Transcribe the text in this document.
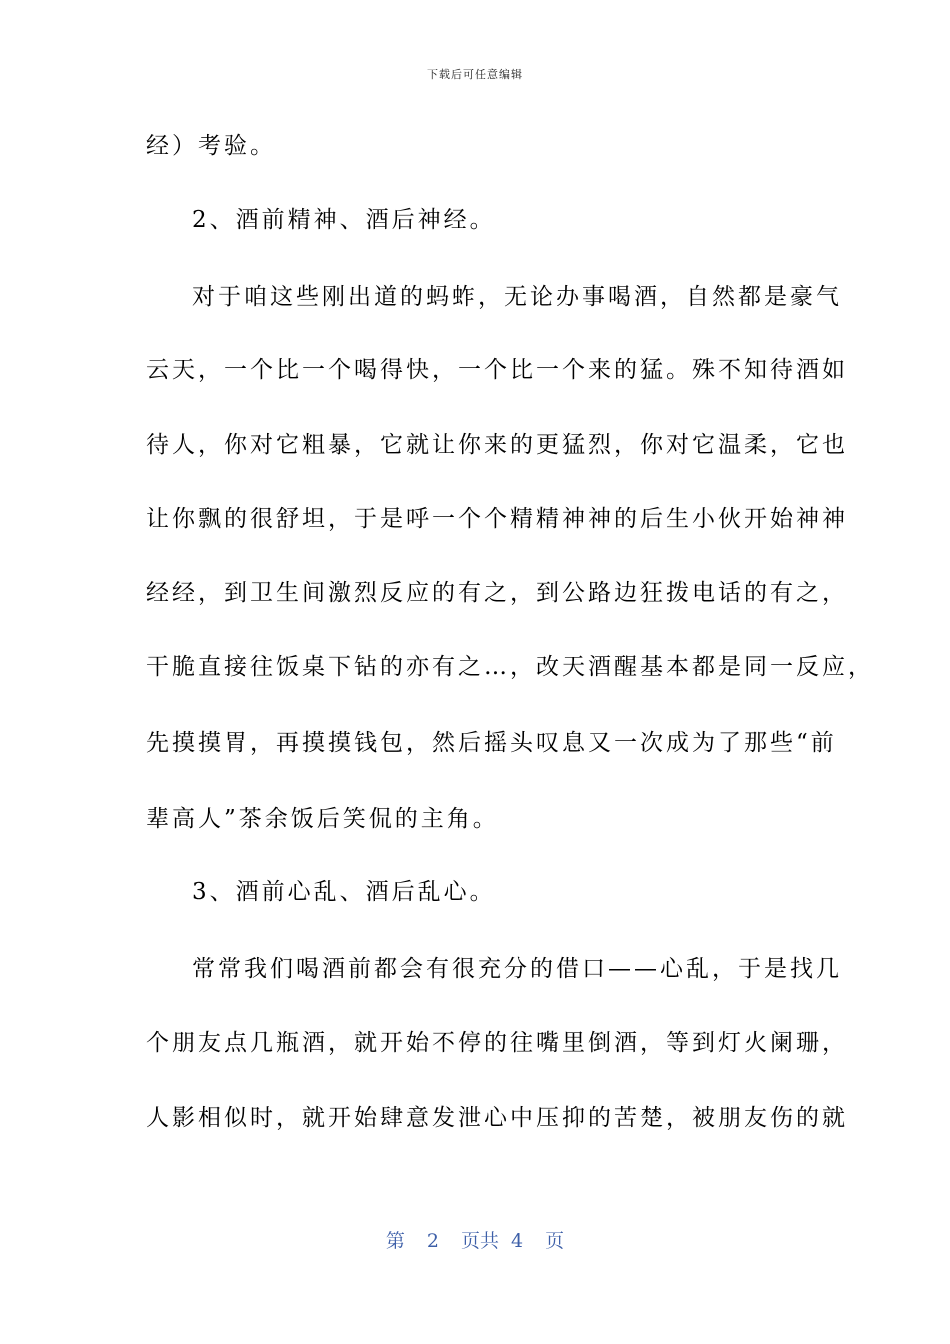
下载后可任意编辑
经）考验。
2、酒前精神、酒后神经。
对于咱这些刚出道的蚂蚱，无论办事喝酒，自然都是豪气
云天，一个比一个喝得快，一个比一个来的猛。殊不知待酒如
待人，你对它粗暴，它就让你来的更猛烈，你对它温柔，它也
让你飘的很舒坦，于是呼一个个精精神神的后生小伙开始神神
经经，到卫生间激烈反应的有之，到公路边狂拨电话的有之，
干脆直接往饭桌下钻的亦有之…，改天酒醒基本都是同一反应，
先摸摸胃，再摸摸钱包，然后摇头叹息又一次成为了那些“前
辈高人”茶余饭后笑侃的主角。
3、酒前心乱、酒后乱心。
常常我们喝酒前都会有很充分的借口——心乱，于是找几
个朋友点几瓶酒，就开始不停的往嘴里倒酒，等到灯火阑珊，
人影相似时，就开始肆意发泄心中压抑的苦楚，被朋友伤的就
第 2 页共 4 页
